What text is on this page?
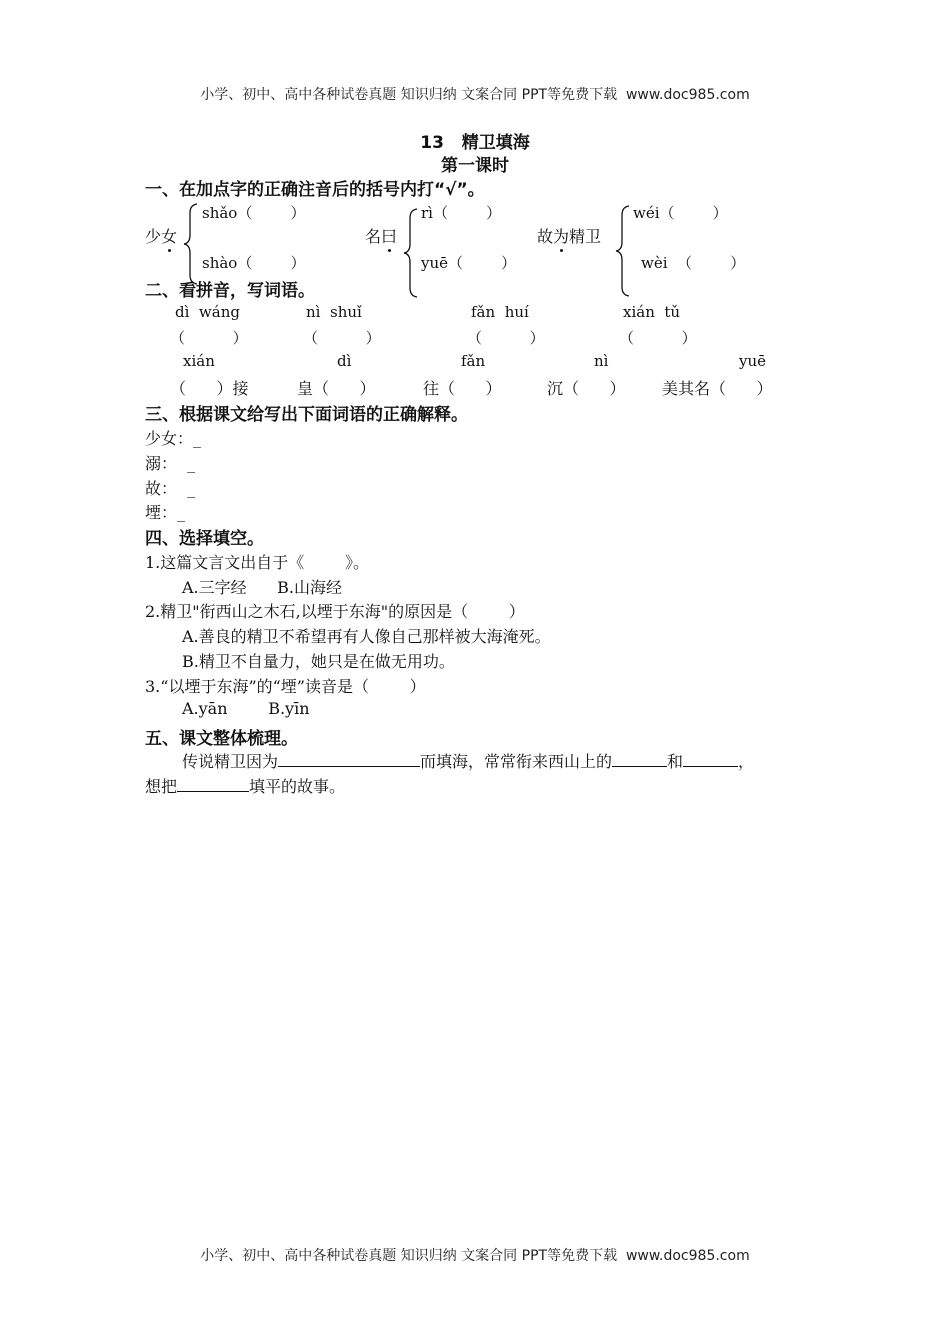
小学、初中、高中各种试卷真题 知识归纳 文案合同 PPT等免费下载  www.doc985.com
13   精卫填海
第一课时
一、在加点字的正确注音后的括号内打“√”。
少女
shǎo（        ）
shào（        ）
名曰
rì（        ）
yuē（        ）
故为精卫
wéi（        ）
wèi  （        ）
二、看拼音，写词语。
dì  wáng	nì  shuǐ	fǎn  huí	xián  tǔ
（          ）	（          ）	（          ）	（          ）
xián	dì	fǎn	nì	yuē
（      ）接	皇（      ）	往（      ）	沉（      ） 美其名（      ）
三、根据课文给写出下面词语的正确解释。
少女：_
溺：  _
故：  _
堙：_
四、选择填空。
1.这篇文言文出自于《        》。
A.三字经      B.山海经
2.精卫"衔西山之木石,以堙于东海"的原因是（        ）
A.善良的精卫不希望再有人像自己那样被大海淹死。
B.精卫不自量力，她只是在做无用功。
3.“以堙于东海”的“堙”读音是（        ）
A.yān        B.yīn
五、课文整体梳理。
传说精卫因为	而填海，常常衔来西山上的	和	，
想把	填平的故事。
小学、初中、高中各种试卷真题 知识归纳 文案合同 PPT等免费下载  www.doc985.com
